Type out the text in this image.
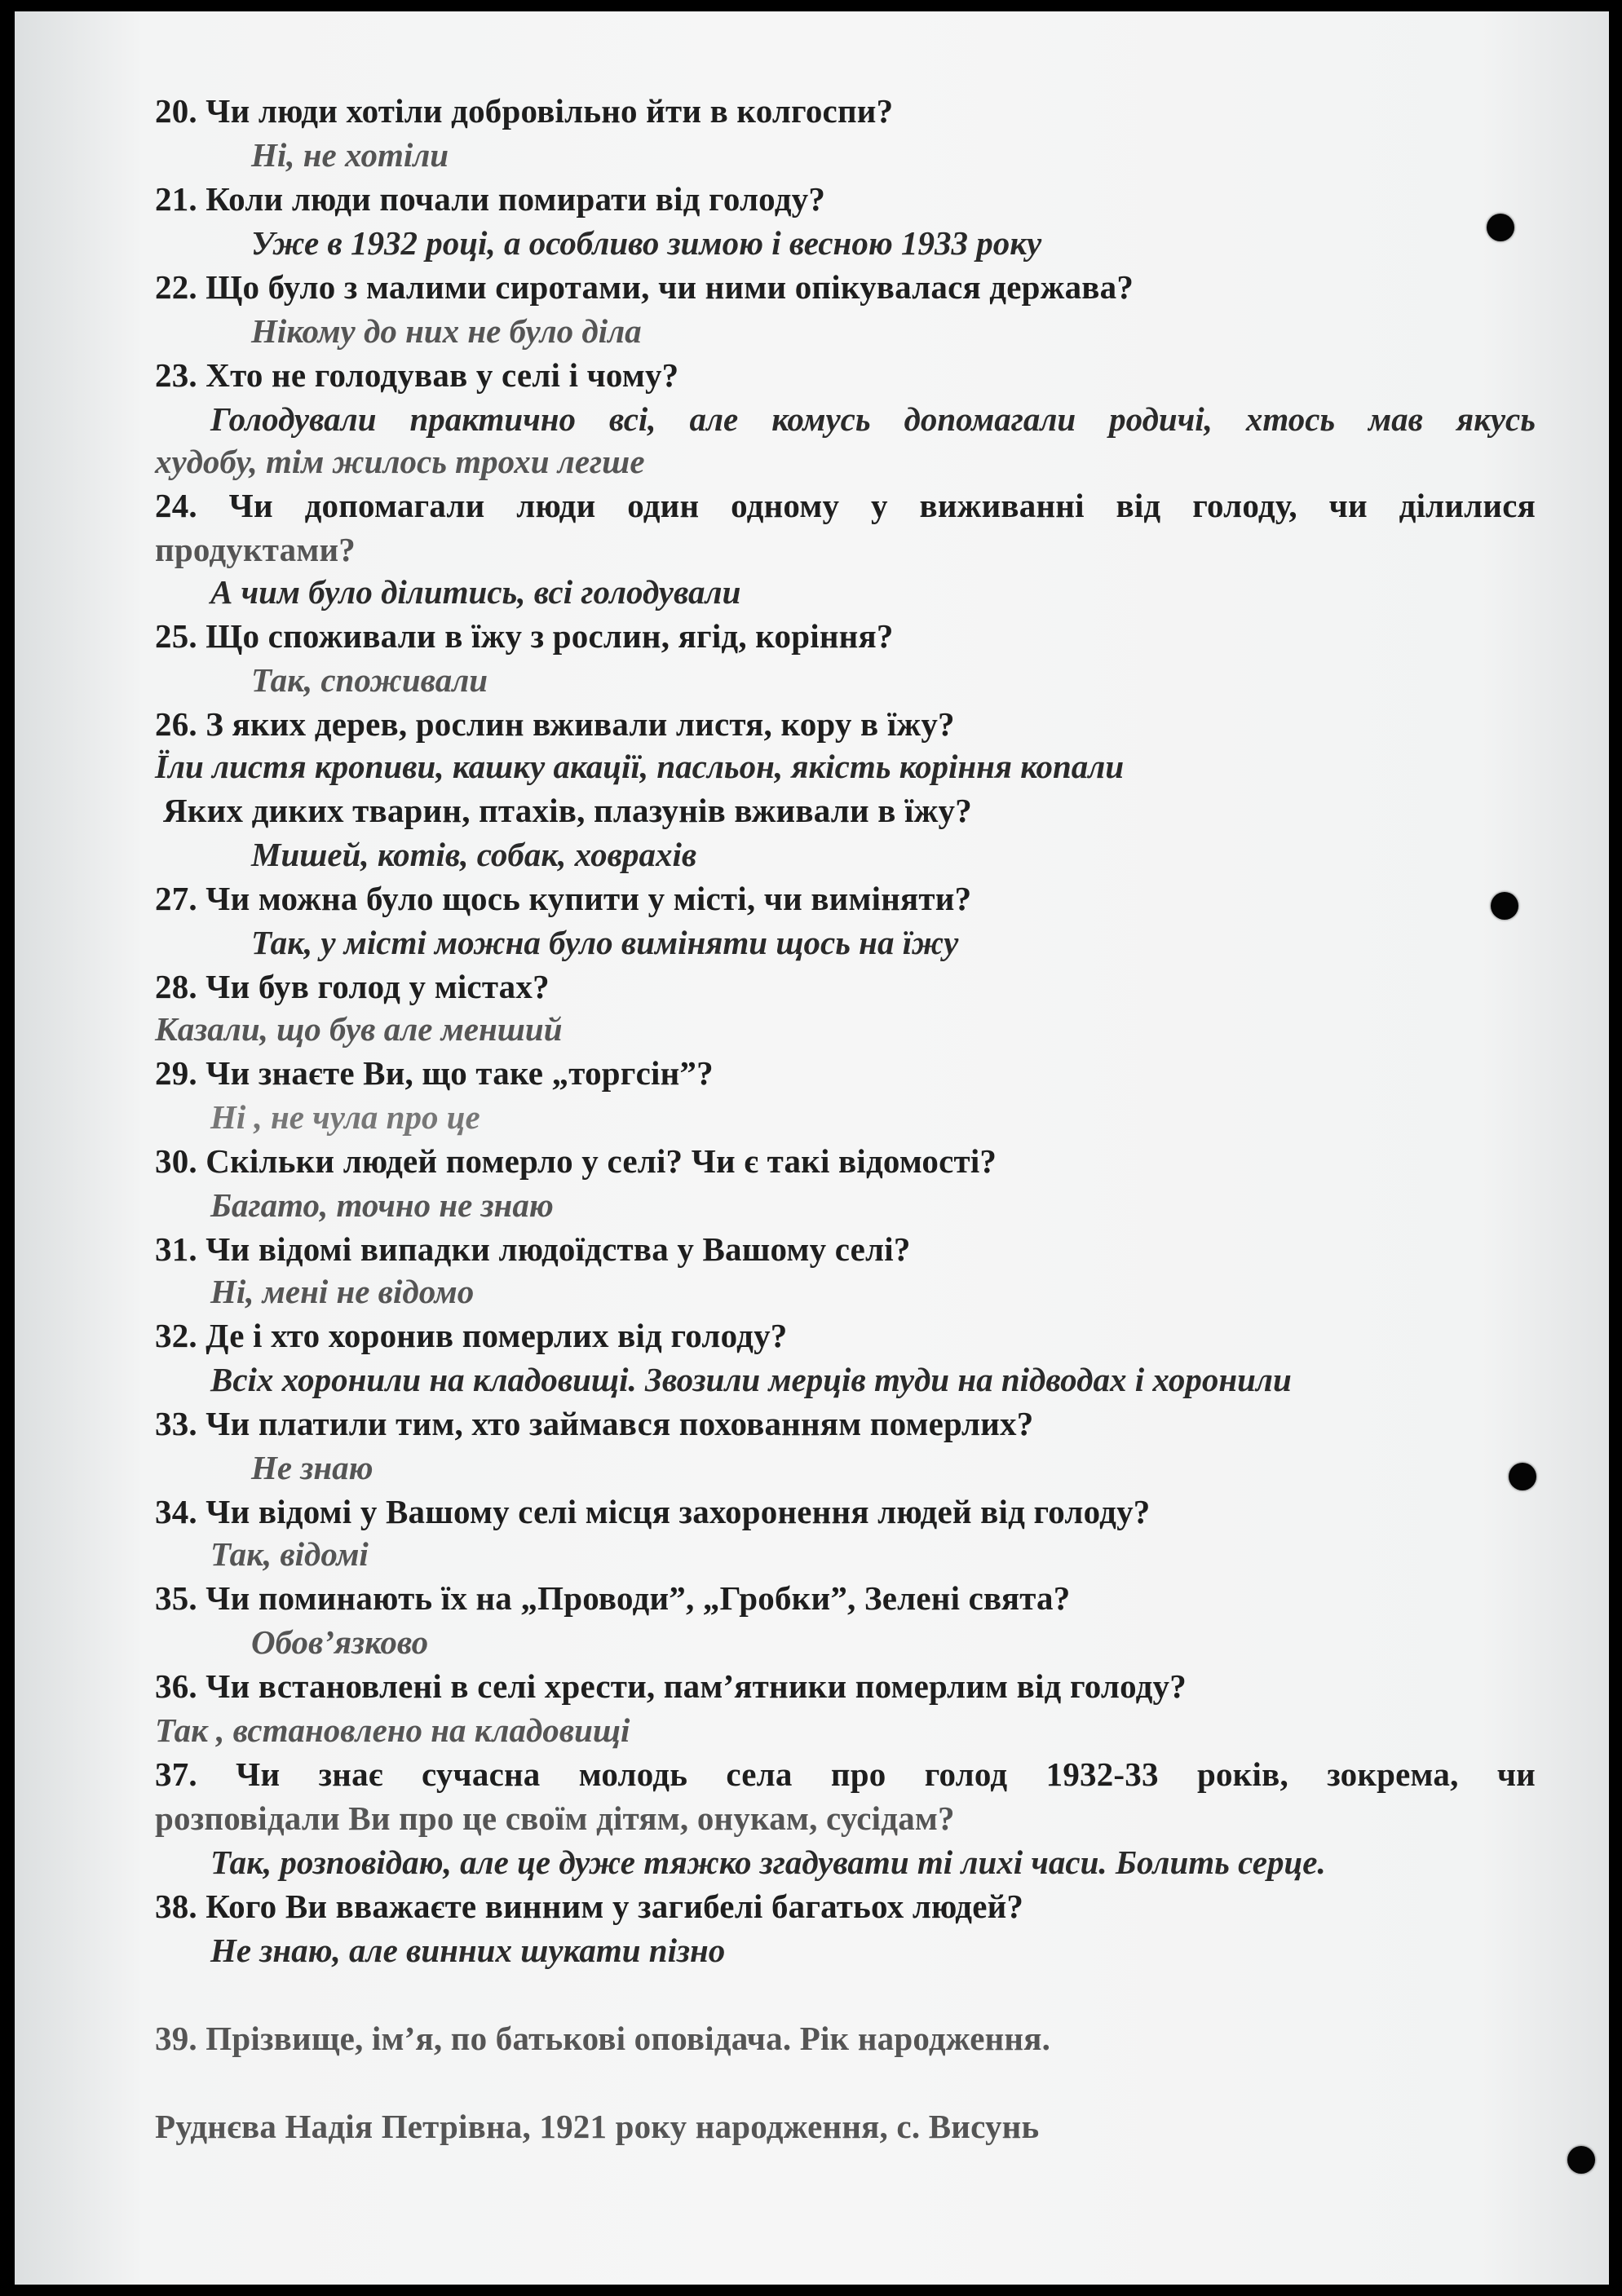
20. Чи люди хотіли добровільно йти в колгоспи?
Ні, не хотіли
21. Коли люди почали помирати від голоду?
Уже в 1932 році, а особливо зимою і весною 1933 року
22. Що було з малими сиротами, чи ними опікувалася держава?
Нікому до них не було діла
23. Хто не голодував у селі і чому?
Голодували практично всі, але комусь допомагали родичі, хтось мав якусь
худобу, тім жилось трохи легше
24. Чи допомагали люди один одному у виживанні від голоду, чи ділилися
продуктами?
А чим було ділитись, всі голодували
25. Що споживали в їжу з рослин, ягід, коріння?
Так, споживали
26. З яких дерев, рослин вживали листя, кору в їжу?
Їли листя кропиви, кашку акації, пасльон, якість коріння копали
Яких диких тварин, птахів, плазунів вживали в їжу?
Мишей, котів, собак, ховрахів
27. Чи можна було щось купити у місті, чи виміняти?
Так, у місті можна було виміняти щось на їжу
28. Чи був голод у містах?
Казали, що був але менший
29. Чи знаєте Ви, що таке „торгсін”?
Ні , не чула про це
30. Скільки людей померло у селі? Чи є такі відомості?
Багато, точно не знаю
31. Чи відомі випадки людоїдства у Вашому селі?
Ні, мені не відомо
32. Де і хто хоронив померлих від голоду?
Всіх хоронили на кладовищі. Звозили мерців туди на підводах і хоронили
33. Чи платили тим, хто займався похованням померлих?
Не знаю
34. Чи відомі у Вашому селі місця захоронення людей від голоду?
Так, відомі
35. Чи поминають їх на „Проводи”, „Гробки”, Зелені свята?
Обов’язково
36. Чи встановлені в селі хрести, пам’ятники померлим від голоду?
Так , встановлено на кладовищі
37. Чи знає сучасна молодь села про голод 1932-33 років, зокрема, чи
розповідали Ви про це своїм дітям, онукам, сусідам?
Так, розповідаю, але це дуже тяжко згадувати ті лихі часи. Болить серце.
38. Кого Ви вважаєте винним у загибелі багатьох людей?
Не знаю, але винних шукати пізно
39. Прізвище, ім’я, по батькові оповідача. Рік народження.
Руднєва Надія Петрівна, 1921 року народження, с. Висунь
